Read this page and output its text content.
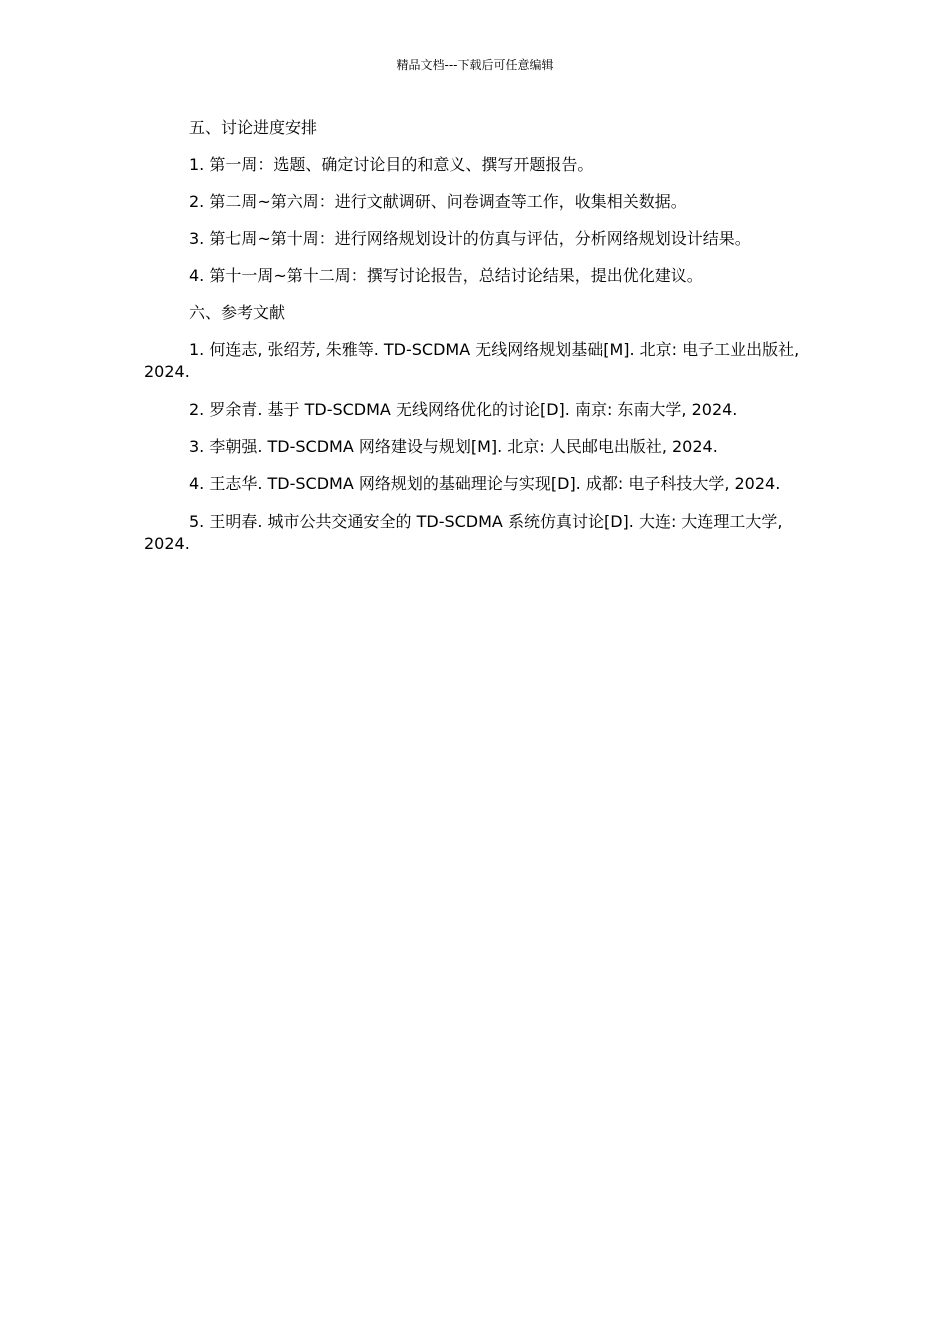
精品文档---下载后可任意编辑

五、讨论进度安排

1. 第一周：选题、确定讨论目的和意义、撰写开题报告。

2. 第二周~第六周：进行文献调研、问卷调查等工作，收集相关数据。

3. 第七周~第十周：进行网络规划设计的仿真与评估，分析网络规划设计结果。

4. 第十一周~第十二周：撰写讨论报告，总结讨论结果，提出优化建议。

六、参考文献

1. 何连志, 张绍芳, 朱雅等. TD-SCDMA 无线网络规划基础[M]. 北京: 电子工业出版社, 2024.

2. 罗余青. 基于 TD-SCDMA 无线网络优化的讨论[D]. 南京: 东南大学, 2024.

3. 李朝强. TD-SCDMA 网络建设与规划[M]. 北京: 人民邮电出版社, 2024.

4. 王志华. TD-SCDMA 网络规划的基础理论与实现[D]. 成都: 电子科技大学, 2024.

5. 王明春. 城市公共交通安全的 TD-SCDMA 系统仿真讨论[D]. 大连: 大连理工大学, 2024.
